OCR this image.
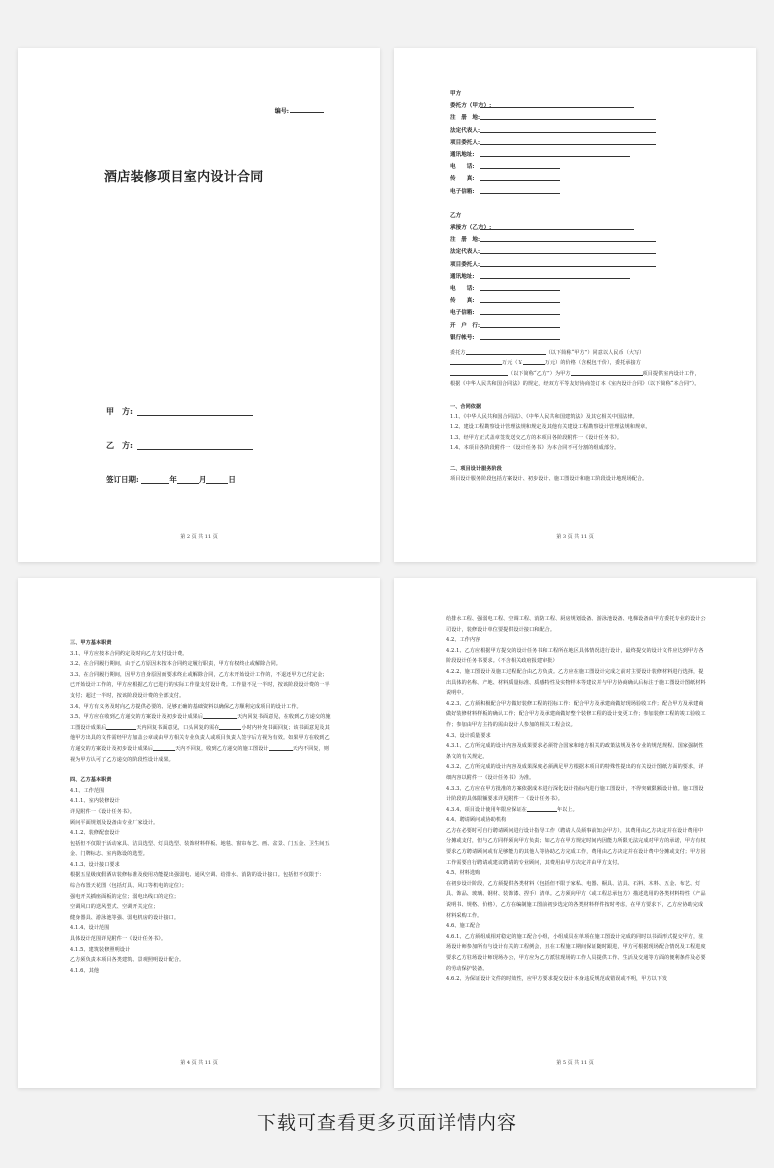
编号:
酒店装修项目室内设计合同
甲　方:
乙　方:
签订日期:	年	月	日
第 2 页 共 11 页
甲方
委托方（甲方）:
注　册　地:
法定代表人:
项目委托人:
通讯地址:
电　　话:
传　　真:
电子信箱:
乙方
承接方（乙方）:
注　册　地:
法定代表人:
项目委托人:
通讯地址:
电　　话:
传　　真:
电子信箱:
开　户　行:
银行帐号:

委托方	（以下简称“甲方”）同意以人民币（大写）
万元（￥	万元）的价格（含税包干价），委托承接方
（以下简称“乙方”）为甲方	项目提供室内设计工作，根据《中华人民共和国合同法》的规定，经双方平等友好协商签订本《室内设计合同》（以下简称“本合同”）。

一、合同依据

1.1、《中华人民共和国合同法》、《中华人民共和国建筑法》及其它相关中国法律。

1.2、建设工程勘察设计管理法规和规定及其他有关建设工程勘察设计管理法规和规章。

1.3、经甲方正式盖章签发送交乙方的本项目各阶段附件一《设计任务书》。

1.4、本项目各阶段附件一《设计任务书》为本合同不可分割的组成部分。

二、项目设计服务阶段

项目设计服务阶段包括方案设计、初步设计、施工图设计和施工阶段设计地现场配合。

第 3 页 共 11 页

三、甲方基本职责

3.1、甲方应按本合同约定及时向乙方支付设计费。

3.2、在合同履行期间，由于乙方原因未按本合同约定履行职责，甲方有权终止或解除合同。

3.3、在合同履行期间，因甲方自身原因而要求终止或解除合同，乙方未开始设计工作的，不退还甲方已付定金；已开始设计工作的，甲方应根据乙方已进行的实际工作量支付设计费。工作量不足一半时，按该阶段设计费的一半支付；超过一半时，按该阶段设计费的全部支付。

3.4、甲方有义务及时向乙方提供必要的、足够正确的基础资料以确保乙方顺利完成项目的设计工作。

3.5、甲方应在收到乙方递交的方案设计及初步设计成果后	天内回复书面意见，在收到乙方递交的施工图设计成果后	天内回复书面意见，口头回复的需在	小时内补充书面回复；该书面意见及其他甲方出具的文件需经甲方加盖公章或由甲方相关专业负责人或项目负责人签字后方视为有效。如果甲方在收到乙方递交的方案设计及初步设计成果后	天内不回复，收到乙方递交的施工图设计	天内不回复，则视为甲方认可了乙方递交的阶段性设计成果。

四、乙方基本职责

4.1、工作范围

4.1.1、室内装修设计

详见附件一《设计任务书》。

顾问平面规划及设备由专业厂家设计。

4.1.2、装修配套设计

包括但不仅限于活动家具、洁具选型、灯具选型、装饰材料样板、地毯、窗帘布艺、画、盆景、门五金、卫生间五金、门牌标志、室内陈设的选型。

4.1.3、设计接口要求

根据五星级度假酒店装修标准及使用功能提出强弱电、通风空调、给排水、消防的设计接口。包括但不仅限于：

综合布置天花图（包括灯具、风口等机电的定位）；

强电开关插座面板的定位；弱电出线口的定位；

空调风口的送风型式、空调开关定位；

健身器具、游泳池等强、弱电机房的设计接口。

4.1.4、设计范围

具体设计范围详见附件一《设计任务书》。

4.1.5、建筑装修照明设计

乙方须负责本项目各类建筑、景观照明设计配合。

4.1.6、其他

第 4 页 共 11 页

给排水工程、强弱电工程、空调工程、消防工程、厨房规划设备、游泳池设备、电梯设备由甲方委托专业的设计公司设计，装修设计单位要提供设计接口和配合。

4.2、工作内容

4.2.1、乙方应根据甲方提交的设计任务书和工程所在地区具体情况进行设计，最终提交的设计文件应达到甲方各阶段设计任务书要求。（不含相关政府报建审批）

4.2.2、施工图设计及施工过程配合由乙方负责。乙方应在施工图设计完成之前对主要设计装修材料进行选择，提出具体的名称、产地、材料质量标准、质感特性及实物样本等建议并与甲方协商确认后标注于施工图设计图纸材料说明中。

4.2.3、乙方须积极配合甲方做好装修工程的招标工作：配合甲方及承建商做好现场验收工作；配合甲方及承建商做好装修材料样板的确认工作；配合甲方及承建商做好整个装修工程的设计变更工作；参加装修工程的竣工验收工作；参加由甲方主持的需由设计人参加的相关工程会议。

4.3、设计质量要求

4.3.1、乙方所完成的设计内容及成果要求必须符合国家和地方相关的政策法规及各专业的规范规程、国家强制性条文的有关规定。

4.3.2、乙方所完成的设计内容及成果深度必须满足甲方根据本项目的特殊性提出的有关设计图纸方面的要求，详细内容以附件一《设计任务书》为准。

4.3.3、乙方应在甲方批准的方案依据成本进行深化设计指标内进行施工图设计，不得突破限额设计值。施工图设计阶段的具体限额要求详见附件一《设计任务书》。

4.3.4、项目设计使用年限应保证在	年以上。

4.4、聘请顾问或协助机构

乙方在必要时可自行聘请顾问进行设计指导工作（聘请人员须事前知会甲方），其费用由乙方决定并在设计费用中分摊或支付，但与乙方同样须向甲方负责；如乙方在甲方规定时间内因能力所限无法完成对甲方的承诺，甲方有权要求乙方聘请顾问或有足够能力的其他人等协助乙方完成工作，费用由乙方决定并在设计费中分摊或支付；甲方因工作需要自行聘请或建议聘请的专业顾问，其费用由甲方决定并由甲方支付。

4.5、材料选购

在初步设计阶段，乙方须提供各类材料（包括但不限于家私、电器、橱具、洁具、石料、木料、五金、布艺、灯具、饰品、玻璃、钢材、装饰漆、捏手）清单。乙方须向甲方（或工程总承包方）描述选用的各类材料特性（产品说明书、规格、价格），乙方在编制施工图前初步选定的各类材料样件按时考虑，在甲方要求下，乙方应协助完成材料采购工作。

4.6、施工配合

4.6.1、乙方须组成相对稳定的施工配合小组，小组成员在单项在施工图设计完成的同时以书面形式提交甲方，驻场设计师参加所有与设计有关的工程例会，且在工程施工期间保证随时跟进，甲方可根据现场配合情况及工程进度要求乙方驻场设计师现场办公，甲方应为乙方派驻现场的工作人员提供工作、生活及交通等方面的便利条件及必要的劳动保护装备。

4.6.2、为保证设计文件的时效性，应甲方要求提交设计本身违反规范或错误或不明，甲方以下发

第 5 页 共 11 页
下载可查看更多页面详情内容
